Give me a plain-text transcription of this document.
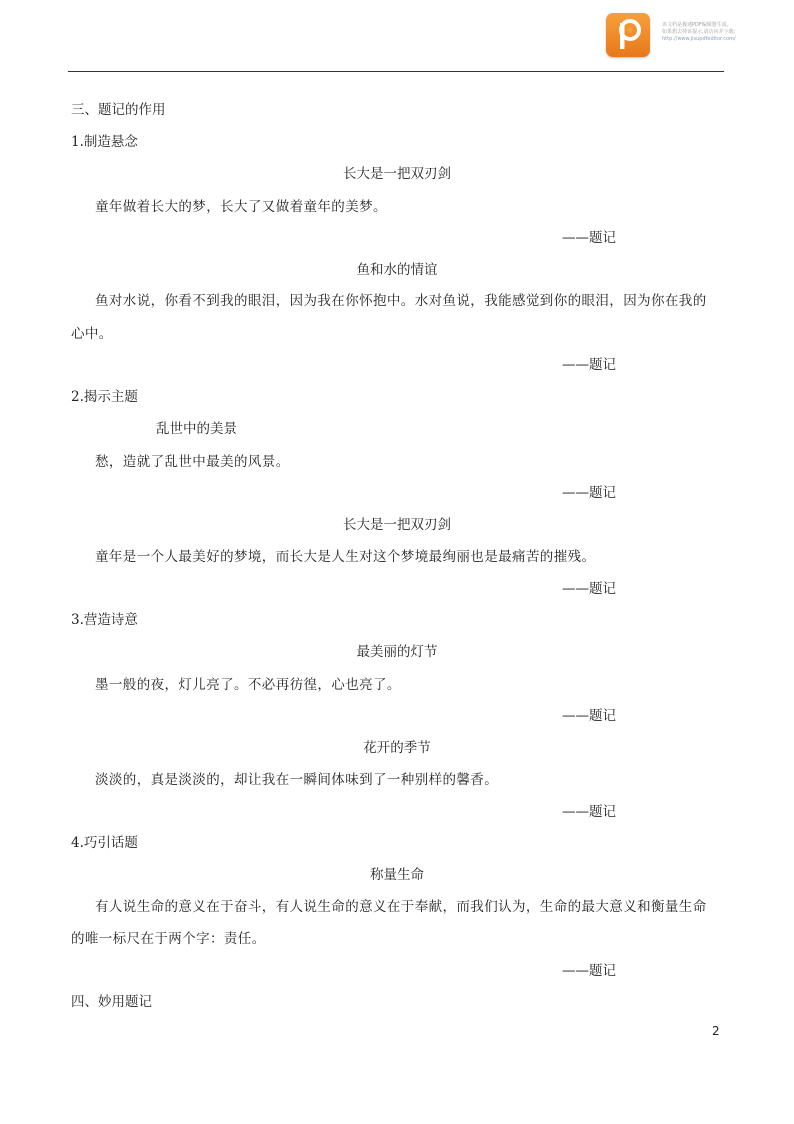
该文档是极速PDF编辑器生成,
如果想去掉该提示,请访问并下载:
http://www.jisupdfeditor.com/
三、题记的作用
1.制造悬念
长大是一把双刃剑
童年做着长大的梦，长大了又做着童年的美梦。
——题记
鱼和水的情谊
鱼对水说，你看不到我的眼泪，因为我在你怀抱中。水对鱼说，我能感觉到你的眼泪，因为你在我的
心中。
——题记
2.揭示主题
乱世中的美景
愁，造就了乱世中最美的风景。
——题记
长大是一把双刃剑
童年是一个人最美好的梦境，而长大是人生对这个梦境最绚丽也是最痛苦的摧残。
——题记
3.营造诗意
最美丽的灯节
墨一般的夜，灯儿亮了。不必再彷徨，心也亮了。
——题记
花开的季节
淡淡的，真是淡淡的，却让我在一瞬间体味到了一种别样的馨香。
——题记
4.巧引话题
称量生命
有人说生命的意义在于奋斗，有人说生命的意义在于奉献，而我们认为，生命的最大意义和衡量生命
的唯一标尺在于两个字：责任。
——题记
四、妙用题记
2
